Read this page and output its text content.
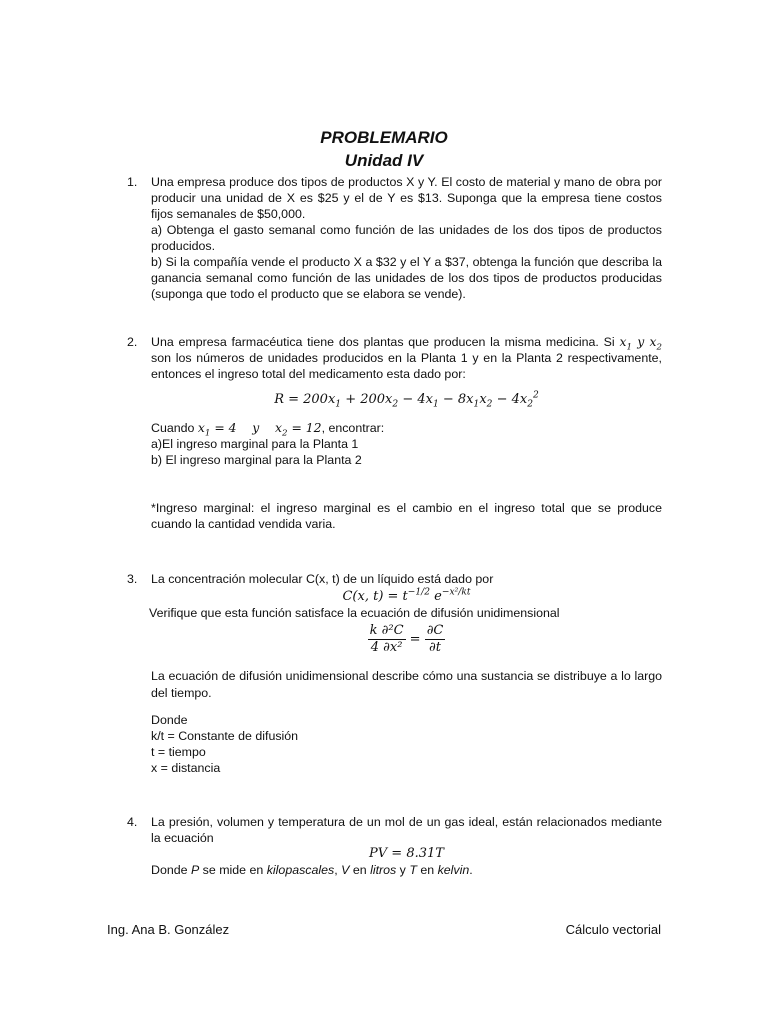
PROBLEMARIO
Unidad IV
1. Una empresa produce dos tipos de productos X y Y. El costo de material y mano de obra por producir una unidad de X es $25 y el de Y es $13. Suponga que la empresa tiene costos fijos semanales de $50,000.

a) Obtenga el gasto semanal como función de las unidades de los dos tipos de productos producidos.

b) Si la compañía vende el producto X a $32 y el Y a $37, obtenga la función que describa la ganancia semanal como función de las unidades de los dos tipos de productos producidas (suponga que todo el producto que se elabora se vende).

2. Una empresa farmacéutica tiene dos plantas que producen la misma medicina. Si $x_1$ y $x_2$ son los números de unidades producidos en la Planta 1 y en la Planta 2 respectivamente, entonces el ingreso total del medicamento esta dado por:

$R = 200x_1 + 200x_2 - 4x_1 - 8x_1x_2 - 4x_2^2$

Cuando $x_1 = 4$    y    $x_2 = 12$, encontrar:

a)El ingreso marginal para la Planta 1

b) El ingreso marginal para la Planta 2

*Ingreso marginal: el ingreso marginal es el cambio en el ingreso total que se produce cuando la cantidad vendida varia.

3. La concentración molecular C(x, t) de un líquido está dado por

C(x, $t) = t^{-1/2}$ $e^{-x^2/kt}$

Verifique que esta función satisface la ecuación de difusión unidimensional

$\frac{\text{k ∂²C}}{\text{4 ∂x²}} = \frac{\partial C}{\partial t}$

La ecuación de difusión unidimensional describe cómo una sustancia se distribuye a lo largo del tiempo.

Donde

k/t = Constante de difusión

t = tiempo

x = distancia

4. La presión, volumen y temperatura de un mol de un gas ideal, están relacionados mediante la ecuación

PV = 8.31T

Donde P se mide en kilopascales, V en litros y T en kelvin.

Ing. Ana B. González	Cálculo vectorial
